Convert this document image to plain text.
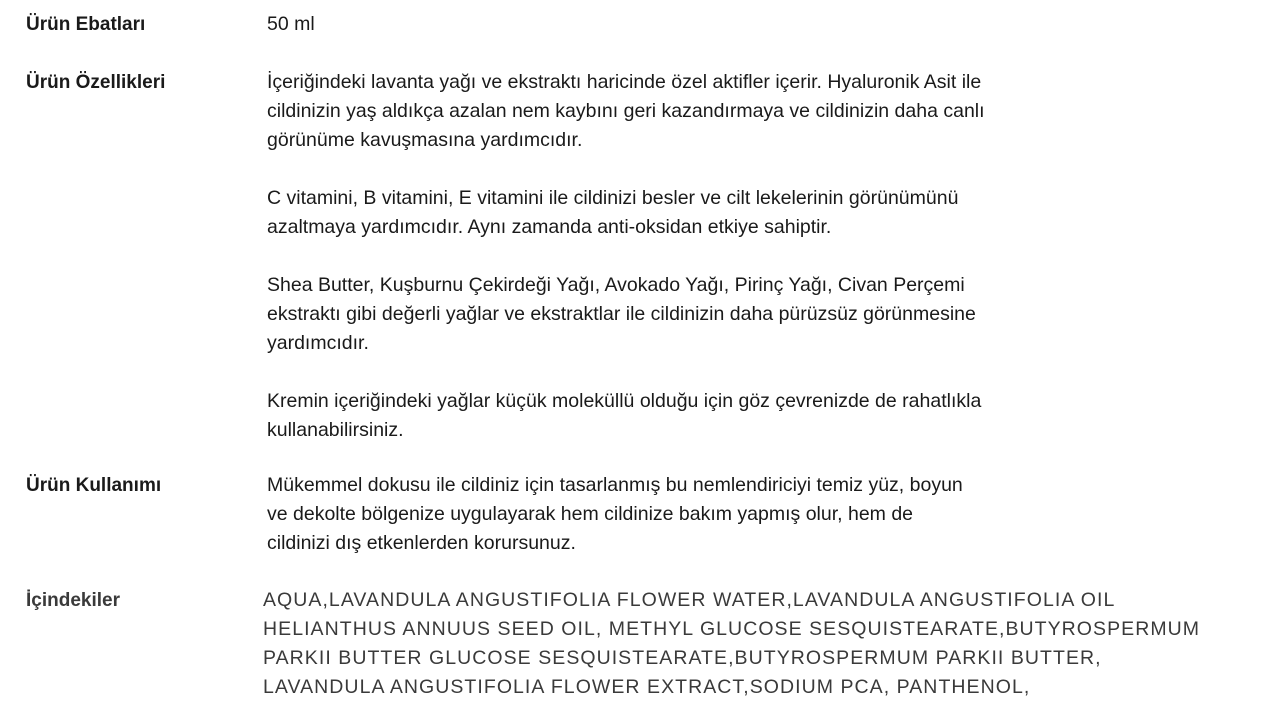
Ürün Ebatları	50 ml
Ürün Özellikleri	İçeriğindeki lavanta yağı ve ekstraktı haricinde özel aktifler içerir. Hyaluronik Asit ile
cildinizin yaş aldıkça azalan nem kaybını geri kazandırmaya ve cildinizin daha canlı
görünüme kavuşmasına yardımcıdır.
C vitamini, B vitamini, E vitamini ile cildinizi besler ve cilt lekelerinin görünümünü
azaltmaya yardımcıdır. Aynı zamanda anti-oksidan etkiye sahiptir.
Shea Butter, Kuşburnu Çekirdeği Yağı, Avokado Yağı, Pirinç Yağı, Civan Perçemi
ekstraktı gibi değerli yağlar ve ekstraktlar ile cildinizin daha pürüzsüz görünmesine
yardımcıdır.
Kremin içeriğindeki yağlar küçük moleküllü olduğu için göz çevrenizde de rahatlıkla
kullanabilirsiniz.
Ürün Kullanımı	Mükemmel dokusu ile cildiniz için tasarlanmış bu nemlendiriciyi temiz yüz, boyun
ve dekolte bölgenize uygulayarak hem cildinize bakım yapmış olur, hem de
cildinizi dış etkenlerden korursunuz.
İçindekiler	AQUA,LAVANDULA ANGUSTIFOLIA FLOWER WATER,LAVANDULA ANGUSTIFOLIA OIL
HELIANTHUS ANNUUS SEED OIL, METHYL GLUCOSE SESQUISTEARATE,BUTYROSPERMUM
PARKII BUTTER GLUCOSE SESQUISTEARATE,BUTYROSPERMUM PARKII BUTTER,
LAVANDULA ANGUSTIFOLIA FLOWER EXTRACT,SODIUM PCA, PANTHENOL,
